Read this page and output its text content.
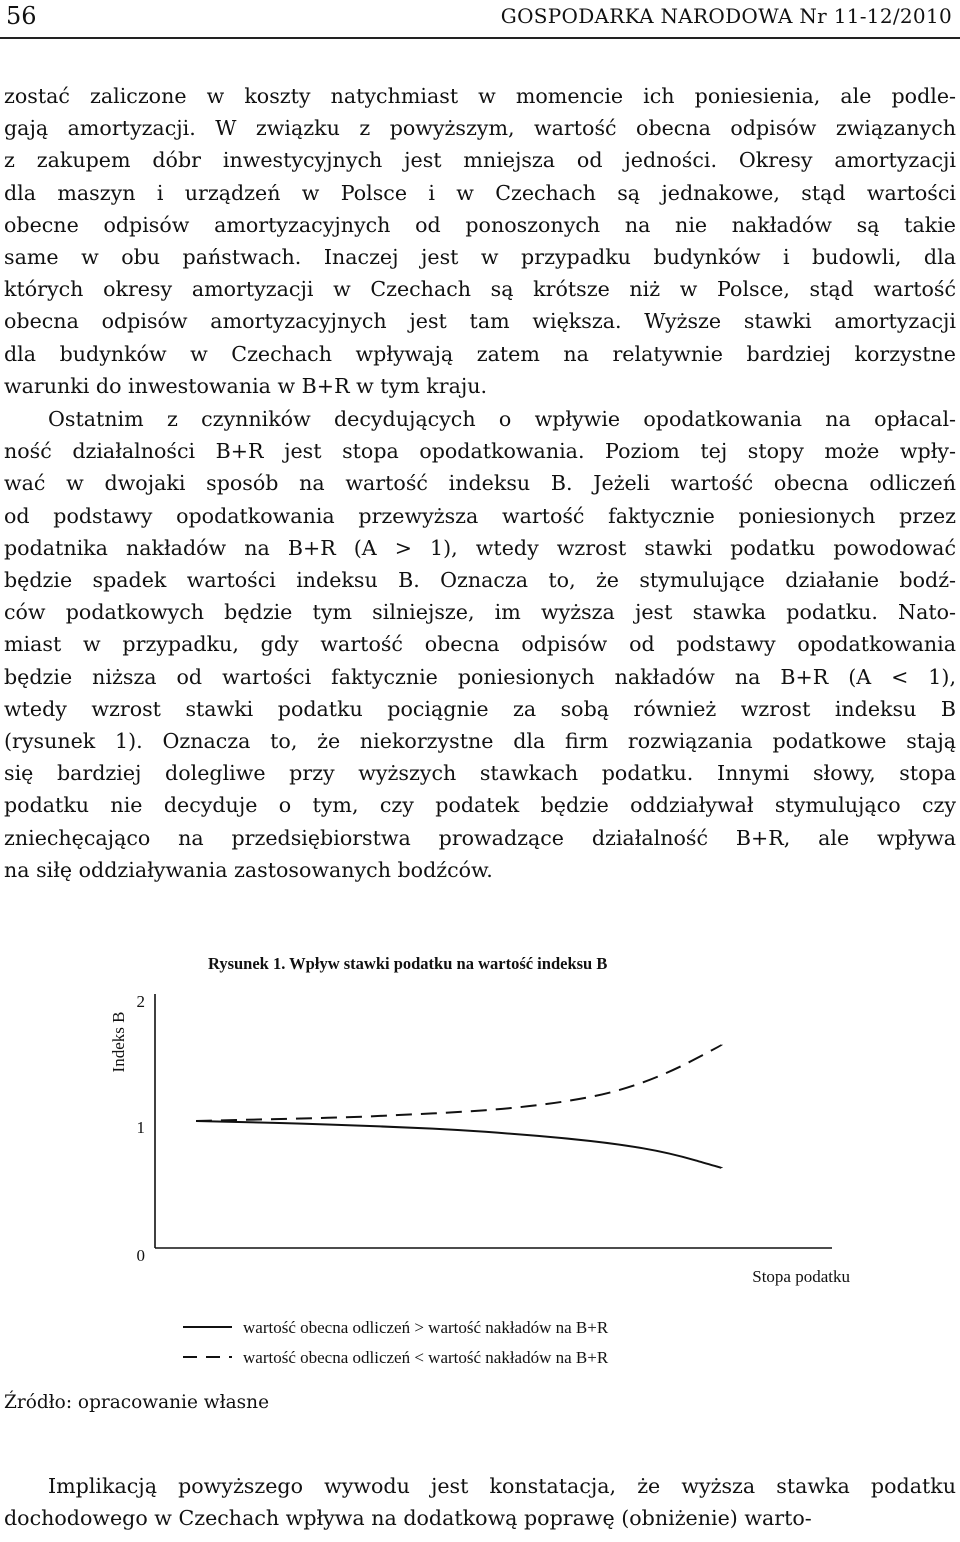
56	GOSPODARKA NARODOWA Nr 11-12/2010

zostać zaliczone w koszty natychmiast w momencie ich poniesienia, ale podle-
gają amortyzacji. W związku z powyższym, wartość obecna odpisów związanych
z zakupem dóbr inwestycyjnych jest mniejsza od jedności. Okresy amortyzacji
dla maszyn i urządzeń w Polsce i w Czechach są jednakowe, stąd wartości
obecne odpisów amortyzacyjnych od ponoszonych na nie nakładów są takie
same w obu państwach. Inaczej jest w przypadku budynków i budowli, dla
których okresy amortyzacji w Czechach są krótsze niż w Polsce, stąd wartość
obecna odpisów amortyzacyjnych jest tam większa. Wyższe stawki amortyzacji
dla budynków w Czechach wpływają zatem na relatywnie bardziej korzystne
warunki do inwestowania w B+R w tym kraju.

Ostatnim z czynników decydujących o wpływie opodatkowania na opłacal-
ność działalności B+R jest stopa opodatkowania. Poziom tej stopy może wpły-
wać w dwojaki sposób na wartość indeksu B. Jeżeli wartość obecna odliczeń
od podstawy opodatkowania przewyższa wartość faktycznie poniesionych przez
podatnika nakładów na B+R (A > 1), wtedy wzrost stawki podatku powodować
będzie spadek wartości indeksu B. Oznacza to, że stymulujące działanie bodź-
ców podatkowych będzie tym silniejsze, im wyższa jest stawka podatku. Nato-
miast w przypadku, gdy wartość obecna odpisów od podstawy opodatkowania
będzie niższa od wartości faktycznie poniesionych nakładów na B+R (A < 1),
wtedy wzrost stawki podatku pociągnie za sobą również wzrost indeksu B
(rysunek 1). Oznacza to, że niekorzystne dla firm rozwiązania podatkowe stają
się bardziej dolegliwe przy wyższych stawkach podatku. Innymi słowy, stopa
podatku nie decyduje o tym, czy podatek będzie oddziaływał stymulująco czy
zniechęcająco na przedsiębiorstwa prowadzące działalność B+R, ale wpływa
na siłę oddziaływania zastosowanych bodźców.

Rysunek 1. Wpływ stawki podatku na wartość indeksu B
2
1
0
Indeks B
Stopa podatku
wartość obecna odliczeń > wartość nakładów na B+R
wartość obecna odliczeń < wartość nakładów na B+R
Źródło: opracowanie własne

Implikacją powyższego wywodu jest konstatacja, że wyższa stawka podatku
dochodowego w Czechach wpływa na dodatkową poprawę (obniżenie) warto-
